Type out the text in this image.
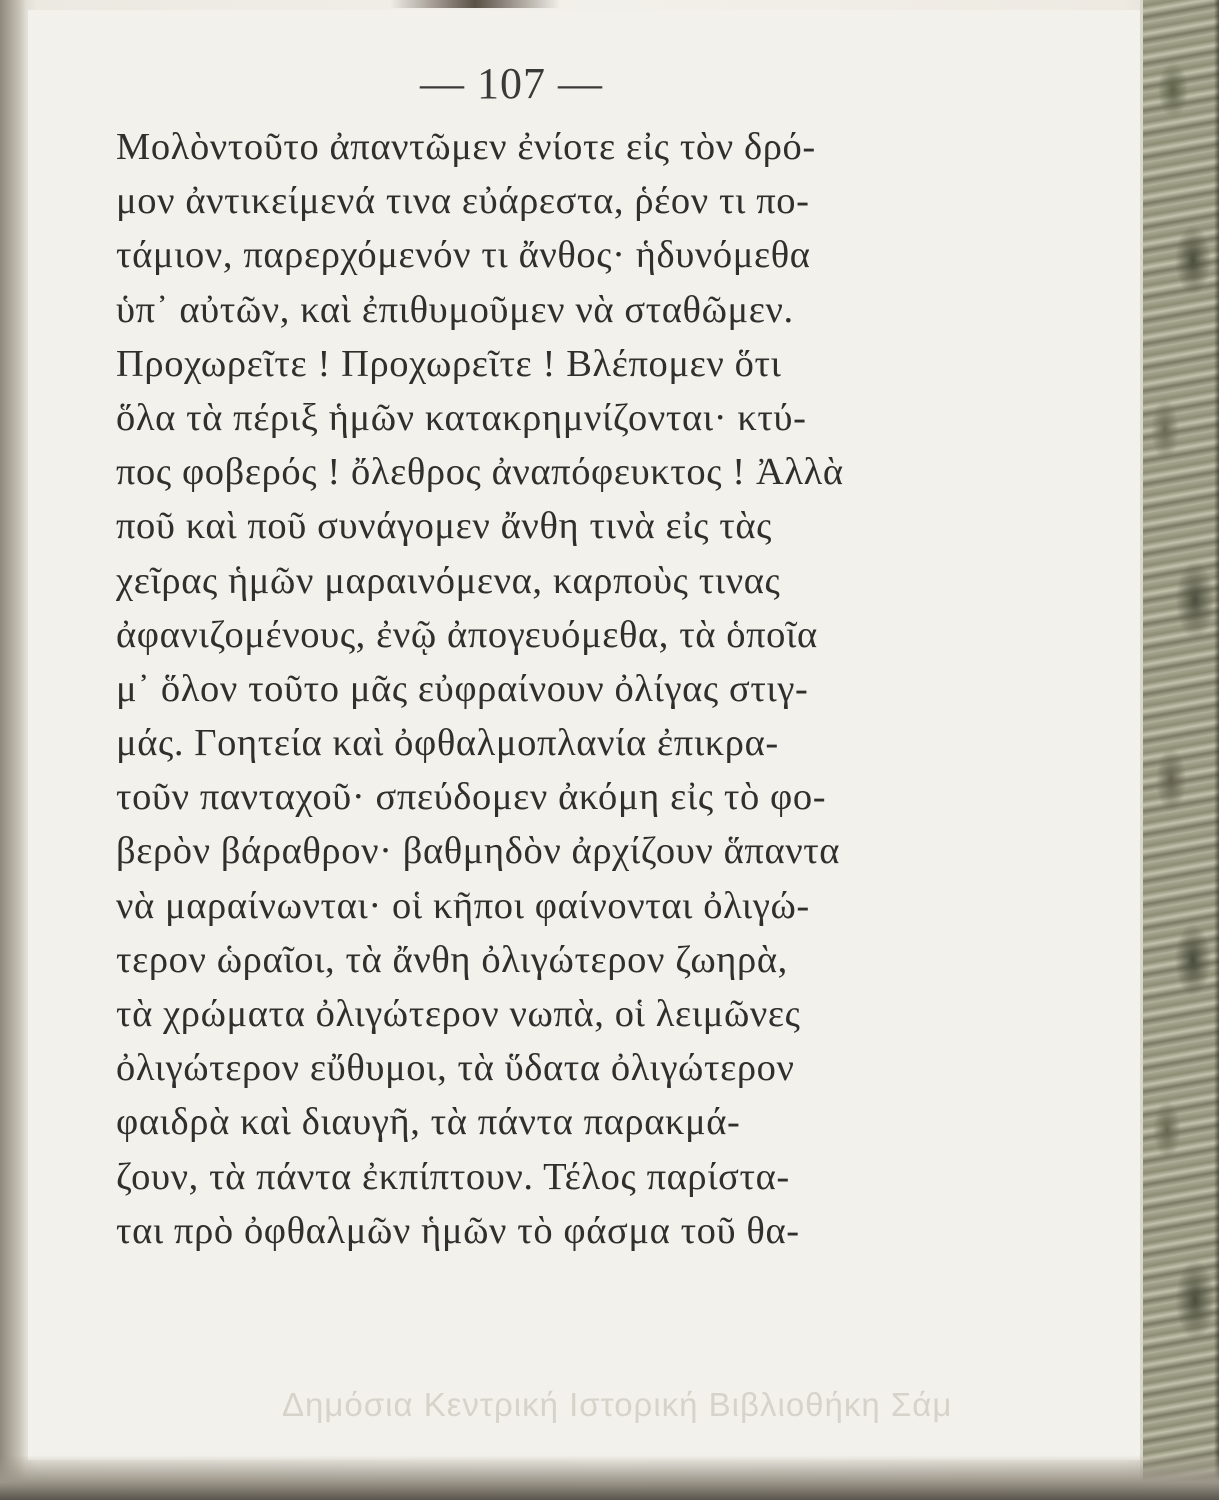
— 107 —
Μολὸντοῦτο ἀπαντῶμεν ἐνίοτε εἰς τὸν δρό-
μον ἀντικείμενά τινα εὐάρεστα, ῥέον τι πο-
τάμιον, παρερχόμενόν τι ἄνθος· ἡδυνόμεθα
ὑπ᾽ αὐτῶν, καὶ ἐπιθυμοῦμεν νὰ σταθῶμεν.
Προχωρεῖτε ! Προχωρεῖτε ! Βλέπομεν ὅτι
ὅλα τὰ πέριξ ἡμῶν κατακρημνίζονται· κτύ-
πος φοβερός ! ὄλεθρος ἀναπόφευκτος ! Ἀλλὰ
ποῦ καὶ ποῦ συνάγομεν ἄνθη τινὰ εἰς τὰς
χεῖρας ἡμῶν μαραινόμενα, καρποὺς τινας
ἀφανιζομένους, ἐνῷ ἀπογευόμεθα, τὰ ὁποῖα
μ᾽ ὅλον τοῦτο μᾶς εὐφραίνουν ὀλίγας στιγ-
μάς. Γοητεία καὶ ὀφθαλμοπλανία ἐπικρα-
τοῦν πανταχοῦ· σπεύδομεν ἀκόμη εἰς τὸ φο-
βερὸν βάραθρον· βαθμηδὸν ἀρχίζουν ἅπαντα
νὰ μαραίνωνται· οἱ κῆποι φαίνονται ὀλιγώ-
τερον ὡραῖοι, τὰ ἄνθη ὀλιγώτερον ζωηρὰ,
τὰ χρώματα ὀλιγώτερον νωπὰ, οἱ λειμῶνες
ὀλιγώτερον εὔθυμοι, τὰ ὕδατα ὀλιγώτερον
φαιδρὰ καὶ διαυγῆ, τὰ πάντα παρακμά-
ζουν, τὰ πάντα ἐκπίπτουν. Τέλος παρίστα-
ται πρὸ ὀφθαλμῶν ἡμῶν τὸ φάσμα τοῦ θα-
Δημόσια Κεντρική Ιστορική Βιβλιοθήκη Σάμ
